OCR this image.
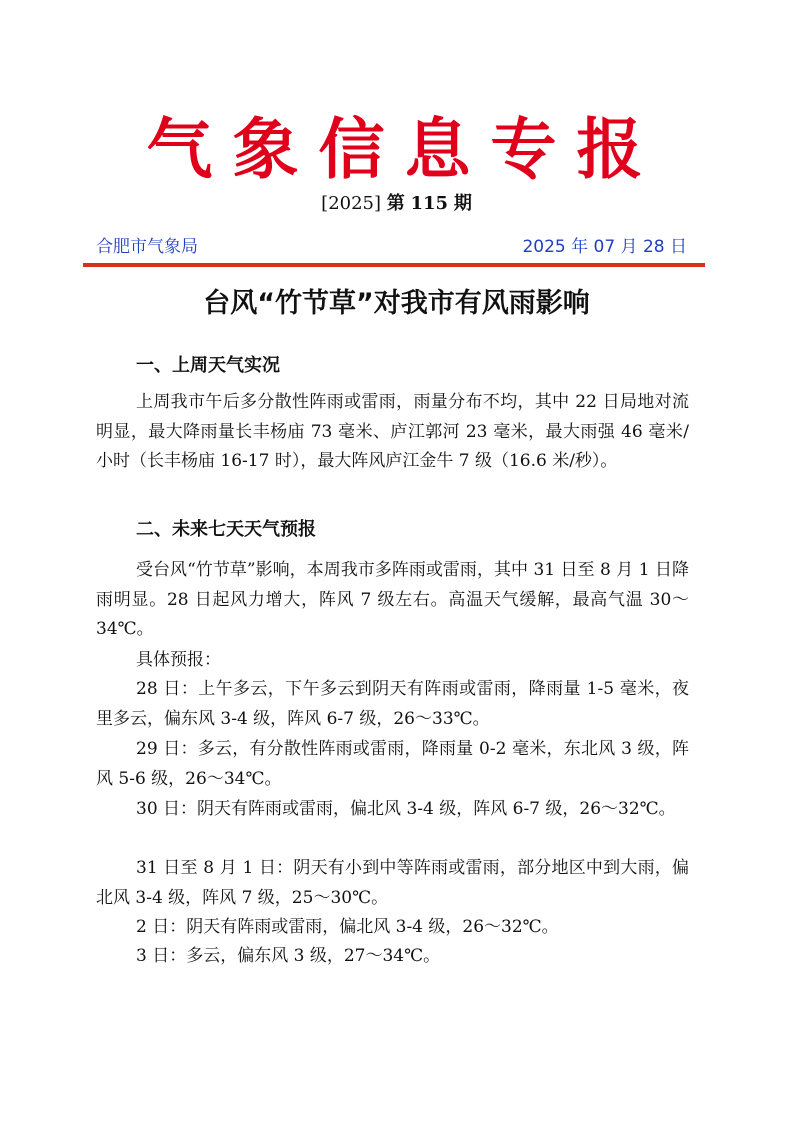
气象信息专报
[2025] 第 115 期
合肥市气象局	2025 年 07 月 28 日
台风“竹节草”对我市有风雨影响
一、上周天气实况
上周我市午后多分散性阵雨或雷雨，雨量分布不均，其中 22 日局地对流明显，最大降雨量长丰杨庙 73 毫米、庐江郭河 23 毫米，最大雨强 46 毫米/小时（长丰杨庙 16-17 时），最大阵风庐江金牛 7 级（16.6 米/秒）。
二、未来七天天气预报
受台风“竹节草”影响，本周我市多阵雨或雷雨，其中 31 日至 8 月 1 日降雨明显。28 日起风力增大，阵风 7 级左右。高温天气缓解，最高气温 30～34℃。
具体预报：
28 日：上午多云，下午多云到阴天有阵雨或雷雨，降雨量 1-5 毫米，夜里多云，偏东风 3-4 级，阵风 6-7 级，26～33℃。
29 日：多云，有分散性阵雨或雷雨，降雨量 0-2 毫米，东北风 3 级，阵风 5-6 级，26～34℃。
30 日：阴天有阵雨或雷雨，偏北风 3-4 级，阵风 6-7 级，26～32℃。
31 日至 8 月 1 日：阴天有小到中等阵雨或雷雨，部分地区中到大雨，偏北风 3-4 级，阵风 7 级，25～30℃。
2 日：阴天有阵雨或雷雨，偏北风 3-4 级，26～32℃。
3 日：多云，偏东风 3 级，27～34℃。
